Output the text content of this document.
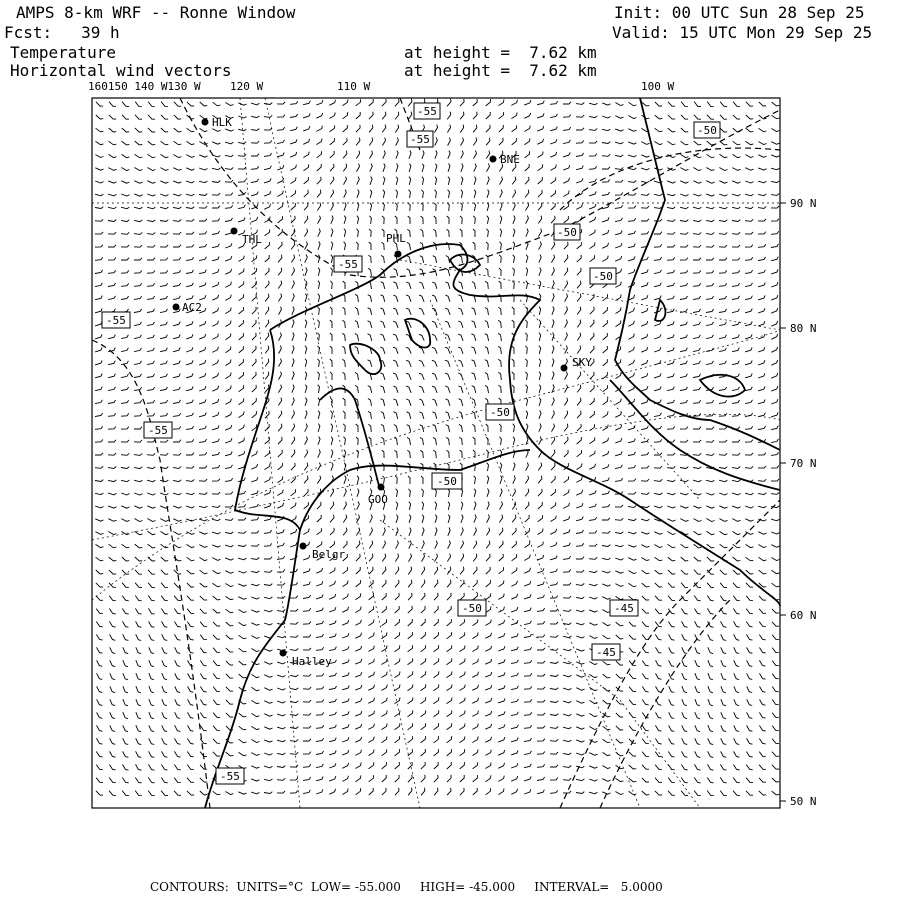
AMPS 8-km WRF -- Ronne Window
Fcst:   39 h
Temperature
Horizontal wind vectors
at height =  7.62 km
at height =  7.62 km
Init: 00 UTC Sun 28 Sep 25
Valid: 15 UTC Mon 29 Sep 25
160150 140 W130 W	120 W	110 W	100 W
90 N
80 N
70 N
60 N
50 N
HLK
BNE
THL	PHL
AC2
SKY
GOO
Belgr
Halley
-55
-55
-50
-50
-55
-50
-55
-55
-50
-50
-50	-45
-45
-55
CONTOURS:  UNITS=°C  LOW= -55.000     HIGH= -45.000     INTERVAL=   5.0000
